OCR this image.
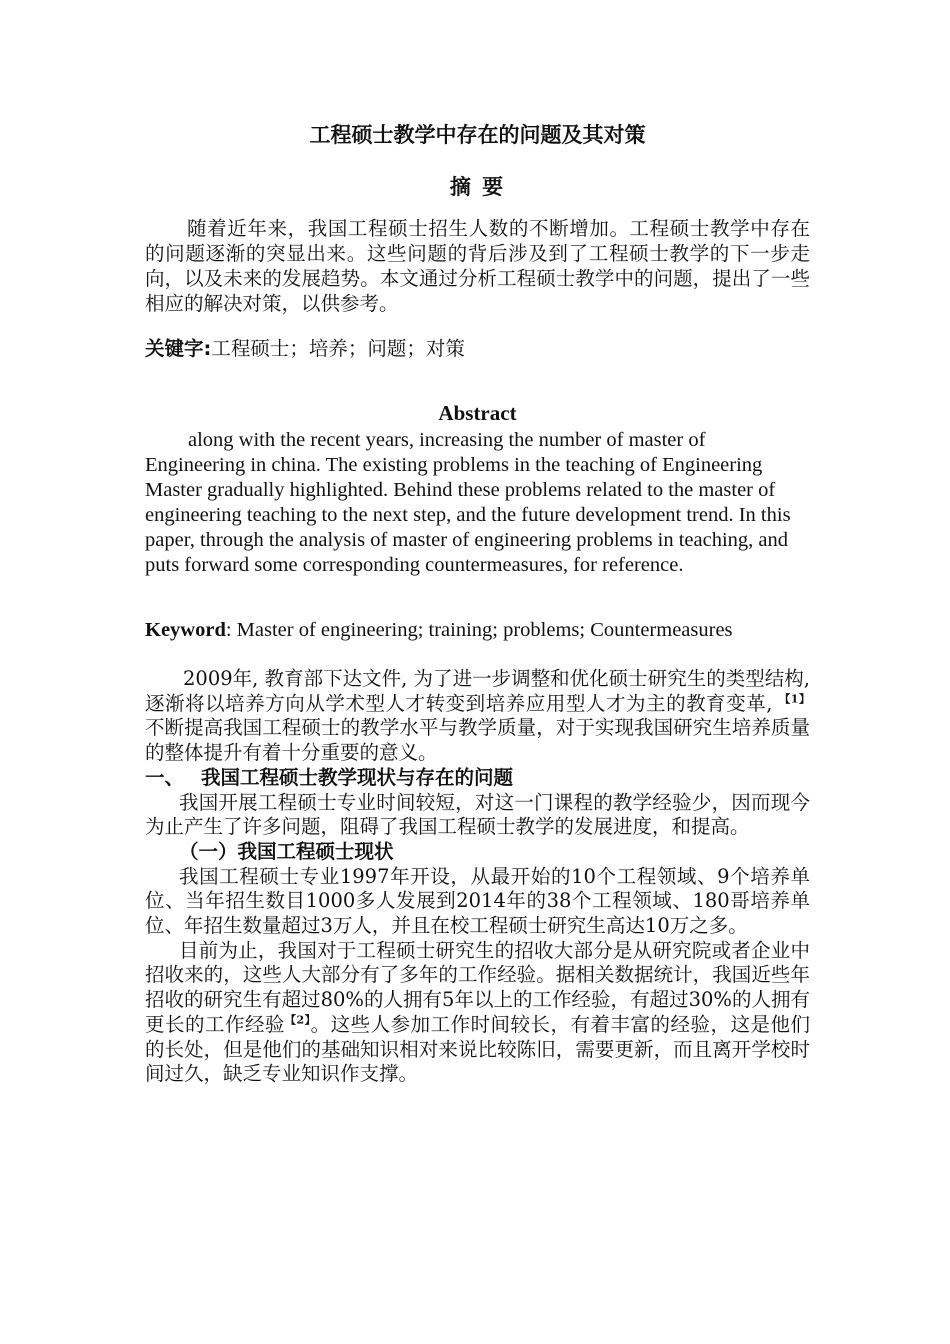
工程硕士教学中存在的问题及其对策
摘 要

随着近年来，我国工程硕士招生人数的不断增加。工程硕士教学中存在的问题逐渐的突显出来。这些问题的背后涉及到了工程硕士教学的下一步走向，以及未来的发展趋势。本文通过分析工程硕士教学中的问题，提出了一些相应的解决对策，以供参考。

关键字:工程硕士；培养；问题；对策

Abstract

along with the recent years, increasing the number of master of Engineering in china. The existing problems in the teaching of Engineering Master gradually highlighted. Behind these problems related to the master of engineering teaching to the next step, and the future development trend. In this paper, through the analysis of master of engineering problems in teaching, and puts forward some corresponding countermeasures, for reference.

Keyword: Master of engineering; training; problems; Countermeasures

2009年, 教育部下达文件, 为了进一步调整和优化硕士研究生的类型结构, 逐渐将以培养方向从学术型人才转变到培养应用型人才为主的教育变革, $^{【1】}$不断提高我国工程硕士的教学水平与教学质量，对于实现我国研究生培养质量的整体提升有着十分重要的意义。

一、 我国工程硕士教学现状与存在的问题

我国开展工程硕士专业时间较短，对这一门课程的教学经验少，因而现今为止产生了许多问题，阻碍了我国工程硕士教学的发展进度，和提高。

（一）我国工程硕士现状

我国工程硕士专业1997年开设，从最开始的10个工程领域、9个培养单位、当年招生数目1000多人发展到2014年的38个工程领域、180哥培养单位、年招生数量超过3万人，并且在校工程硕士研究生高达10万之多。

目前为止，我国对于工程硕士研究生的招收大部分是从研究院或者企业中招收来的，这些人大部分有了多年的工作经验。据相关数据统计，我国近些年招收的研究生有超过80%的人拥有5年以上的工作经验，有超过30%的人拥有更长的工作经验$^{【2】}$。这些人参加工作时间较长，有着丰富的经验，这是他们的长处，但是他们的基础知识相对来说比较陈旧，需要更新，而且离开学校时间过久，缺乏专业知识作支撑。
